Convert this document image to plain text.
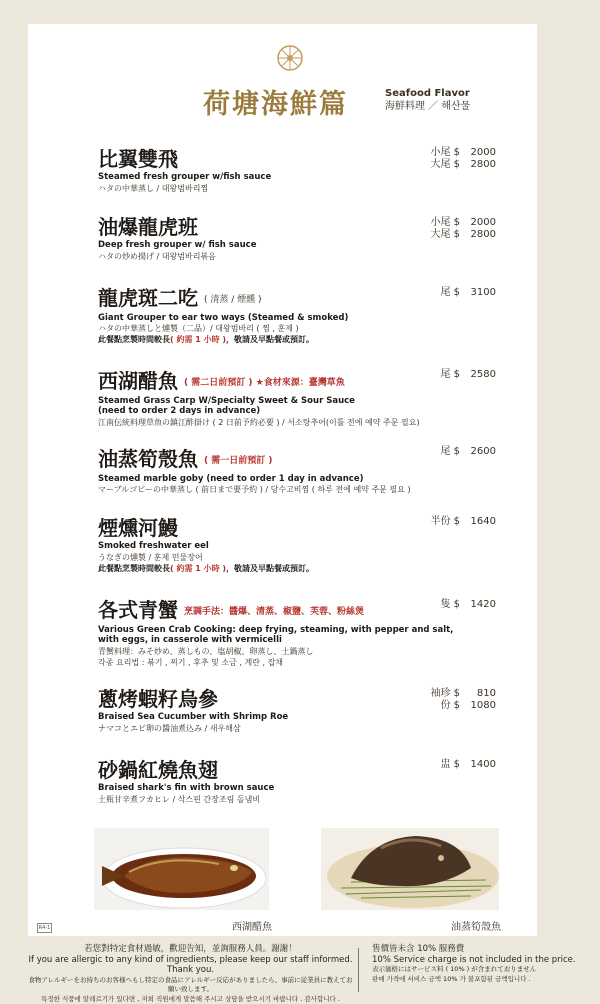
荷塘海鮮篇	Seafood Flavor
海鮮料理 ／ 해산물
比翼雙飛
Steamed fresh grouper w/fish sauce
ハタの中華蒸し / 대왕범바리찜
小尾 $	2000
大尾 $	2800
油爆龍虎班
Deep fresh grouper w/ fish sauce
ハタの炒め揚げ / 대왕범바리볶음
小尾 $	2000
大尾 $	2800
龍虎斑二吃 ( 清蒸 / 煙燻 )
Giant Grouper to ear two ways (Steamed & smoked)
ハタの中華蒸しと燻製（二品）/ 대왕범바리 ( 찜 , 훈제 )
此餐點烹製時間較長( 約需 1 小時 )，敬請及早點餐或預訂。
尾 $	3100
西湖醋魚 ( 需二日前預訂 ) ★食材來源：臺灣草魚
Steamed Grass Carp W/Specialty Sweet & Sour Sauce
(need to order 2 days in advance)
江南伝統料理草魚の鎮江酢掛け ( 2 日前予約必要 ) / 서소탕추어(이틀 전에 예약 주문 필요)
尾 $	2580
油蒸筍殼魚 ( 需一日前預訂 )
Steamed marble goby (need to order 1 day in advance)
マーブルゴビーの中華蒸し ( 前日まで要予約 ) / 당수고비찜 ( 하루 전에 예약 주문 필요 )
尾 $	2600
煙燻河鰻
Smoked freshwater eel
うなぎの燻製 / 훈제 민물장어
此餐點烹製時間較長( 約需 1 小時 )，敬請及早點餐或預訂。
半份 $	1640
各式青蟹 烹調手法：醬爆、清蒸、椒鹽、芙蓉、粉絲煲
Various Green Crab Cooking: deep frying, steaming, with pepper and salt,
with eggs, in casserole with vermicelli
青蟹料理：みそ炒め、蒸しもの、塩胡椒、卵蒸し、土鍋蒸し
각종 요리법 : 볶기 , 찌기 , 후추 및 소금 , 계란 , 잡채
隻 $	1420
蔥烤蝦籽烏參
Braised Sea Cucumber with Shrimp Roe
ナマコとエビ卵の醬油煮込み / 새우해삼
袖珍 $	810
份 $	1080
砂鍋紅燒魚翅
Braised shark's fin with brown sauce
土瓶甘辛煮フカヒレ / 삭스핀 간장조림 돌냄비
盅 $	1400
西湖醋魚	油蒸筍殼魚
R4-1
若您對特定食材過敏，歡迎告知，並詢服務人員。謝謝！
If you are allergic to any kind of ingredients, please keep our staff informed. Thank you.
食物アレルギーをお持ちのお客様へもし特定の食品にアレルギー反応がありましたら、事前に従業員に教えてお願い致します。
특정한 식품에 알레르기가 있다면 , 저희 직원에게 말씀해 주시고 상담을 받으시기 바랍니다 . 감사합니다 .
售價皆未含 10% 服務費
10% Service charge is not included in the price.
表示価格にはサービス料 ( 10% ) が含まれておりません
판매 가격에 서비스 금액 10% 가 불포함된 금액입니다 .
